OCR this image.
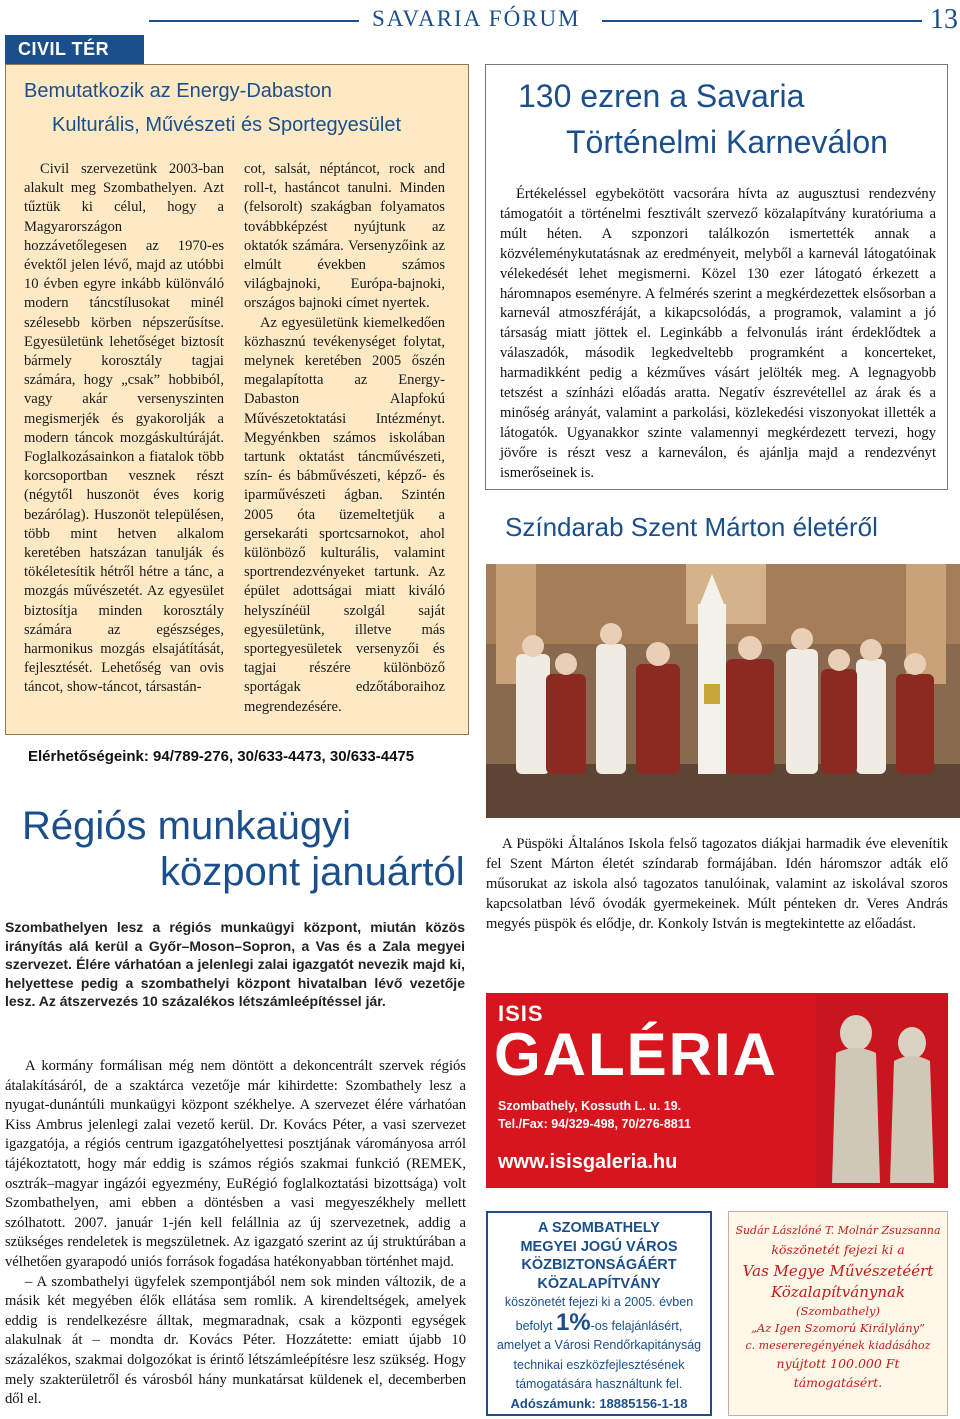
SAVARIA FÓRUM	13
CIVIL TÉR
Bemutatkozik az Energy-Dabaston
Kulturális, Művészeti és Sportegyesület

Civil szervezetünk 2003-ban alakult meg Szombathelyen. Azt tűztük ki célul, hogy a Magyarországon hozzávetőlegesen az 1970-es évektől jelen lévő, majd az utóbbi 10 évben egyre inkább különváló modern táncstílusokat minél szélesebb körben népszerűsítse. Egyesületünk lehetőséget biztosít bármely korosztály tagjai számára, hogy „csak” hobbiból, vagy akár versenyszinten megismerjék és gyakorolják a modern táncok mozgáskultúráját. Foglalkozásainkon a fiatalok több korcsoportban vesznek részt (négytől huszonöt éves korig bezárólag). Huszonöt településen, több mint hetven alkalom keretében hatszázan tanulják és tökéletesítik hétről hétre a tánc, a mozgás művészetét. Az egyesület biztosítja minden korosztály számára az egészséges, harmonikus mozgás elsajátítását, fejlesztését. Lehetőség van ovis táncot, show-táncot, társastán-

cot, salsát, néptáncot, rock and roll-t, hastáncot tanulni. Minden (felsorolt) szakágban folyamatos továbbképzést nyújtunk az oktatók számára. Versenyzőink az elmúlt években számos világbajnoki, Európa-bajnoki, országos bajnoki címet nyertek.

Az egyesületünk kiemelkedően közhasznú tevékenységet folytat, melynek keretében 2005 őszén megalapította az Energy-Dabaston Alapfokú Művészetoktatási Intézményt. Megyénkben számos iskolában tartunk oktatást táncművészeti, szín- és bábművészeti, képző- és iparművészeti ágban. Szintén 2005 óta üzemeltetjük a gersekaráti sportcsarnokot, ahol különböző kulturális, valamint sportrendezvényeket tartunk. Az épület adottságai miatt kiváló helyszínéül szolgál saját egyesületünk, illetve más sportegyesületek versenyzői és tagjai részére különböző sportágak edzőtáboraihoz megrendezésére.

Elérhetőségeink: 94/789-276, 30/633-4473, 30/633-4475
130 ezren a Savaria
Történelmi Karneválon
Értékeléssel egybekötött vacsorára hívta az augusztusi rendezvény támogatóit a történelmi fesztivált szervező közalapítvány kuratóriuma a múlt héten. A szponzori találkozón ismertették annak a közvéleménykutatásnak az eredményeit, melyből a karnevál látogatóinak vélekedését lehet megismerni. Közel 130 ezer látogató érkezett a háromnapos eseményre. A felmérés szerint a megkérdezettek elsősorban a karnevál atmoszféráját, a kikapcsolódás, a programok, valamint a jó társaság miatt jöttek el. Leginkább a felvonulás iránt érdeklődtek a válaszadók, második legkedveltebb programként a koncerteket, harmadikként pedig a kézműves vásárt jelölték meg. A legnagyobb tetszést a színházi előadás aratta. Negatív észrevétellel az árak és a minőség arányát, valamint a parkolási, közlekedési viszonyokat illették a látogatók. Ugyanakkor szinte valamennyi megkérdezett tervezi, hogy jövőre is részt vesz a karneválon, és ajánlja majd a rendezvényt ismerőseinek is.
Színdarab Szent Márton életéről
A Püspöki Általános Iskola felső tagozatos diákjai harmadik éve elevenítik fel Szent Márton életét színdarab formájában. Idén háromszor adták elő műsorukat az iskola alsó tagozatos tanulóinak, valamint az iskolával szoros kapcsolatban lévő óvodák gyermekeinek. Múlt pénteken dr. Veres András megyés püspök és elődje, dr. Konkoly István is megtekintette az előadást.
Régiós munkaügyi
központ januártól
Szombathelyen lesz a régiós munkaügyi központ, miután közös irányítás alá kerül a Győr–Moson–Sopron, a Vas és a Zala megyei szervezet. Élére várhatóan a jelenlegi zalai igazgatót nevezik majd ki, helyettese pedig a szombathelyi központ hivatalban lévő vezetője lesz. Az átszervezés 10 százalékos létszámleépítéssel jár.

A kormány formálisan még nem döntött a dekoncentrált szervek régiós átalakításáról, de a szaktárca vezetője már kihirdette: Szombathely lesz a nyugat-dunántúli munkaügyi központ székhelye. A szervezet élére várhatóan Kiss Ambrus jelenlegi zalai vezető kerül. Dr. Kovács Péter, a vasi szervezet igazgatója, a régiós centrum igazgatóhelyettesi posztjának várományosa arról tájékoztatott, hogy már eddig is számos régiós szakmai funkció (REMEK, osztrák–magyar ingázói egyezmény, EuRégió foglalkoztatási bizottsága) volt Szombathelyen, ami ebben a döntésben a vasi megyeszékhely mellett szólhatott. 2007. január 1-jén kell felállnia az új szervezetnek, addig a szükséges rendeletek is megszületnek. Az igazgató szerint az új struktúrában a vélhetően gyarapodó uniós források fogadása hatékonyabban történhet majd.

– A szombathelyi ügyfelek szempontjából nem sok minden változik, de a másik két megyében élők ellátása sem romlik. A kirendeltségek, amelyek eddig is rendelkezésre álltak, megmaradnak, csak a központi egységek alakulnak át – mondta dr. Kovács Péter. Hozzátette: emiatt újabb 10 százalékos, szakmai dolgozókat is érintő létszámleépítésre lesz szükség. Hogy mely szakterületről és városból hány munkatársat küldenek el, decemberben dől el.

ISIS
GALÉRIA
Szombathely, Kossuth L. u. 19.
Tel./Fax: 94/329-498, 70/276-8811
www.isisgaleria.hu
A SZOMBATHELY
MEGYEI JOGÚ VÁROS
KÖZBIZTONSÁGÁÉRT
KÖZALAPÍTVÁNY
köszönetét fejezi ki a 2005. évben
befolyt 1%-os felajánlásért,
amelyet a Városi Rendőrkapitányság
technikai eszközfejlesztésének
támogatására használtunk fel.
Adószámunk: 18885156-1-18
Sudár Lászlóné T. Molnár Zsuzsanna
köszönetét fejezi ki a
Vas Megye Művészetéért
Közalapítványnak
(Szombathely)
„Az Igen Szomorú Királylány”
c. mesereregényének kiadásához
nyújtott 100.000 Ft
támogatásért.
